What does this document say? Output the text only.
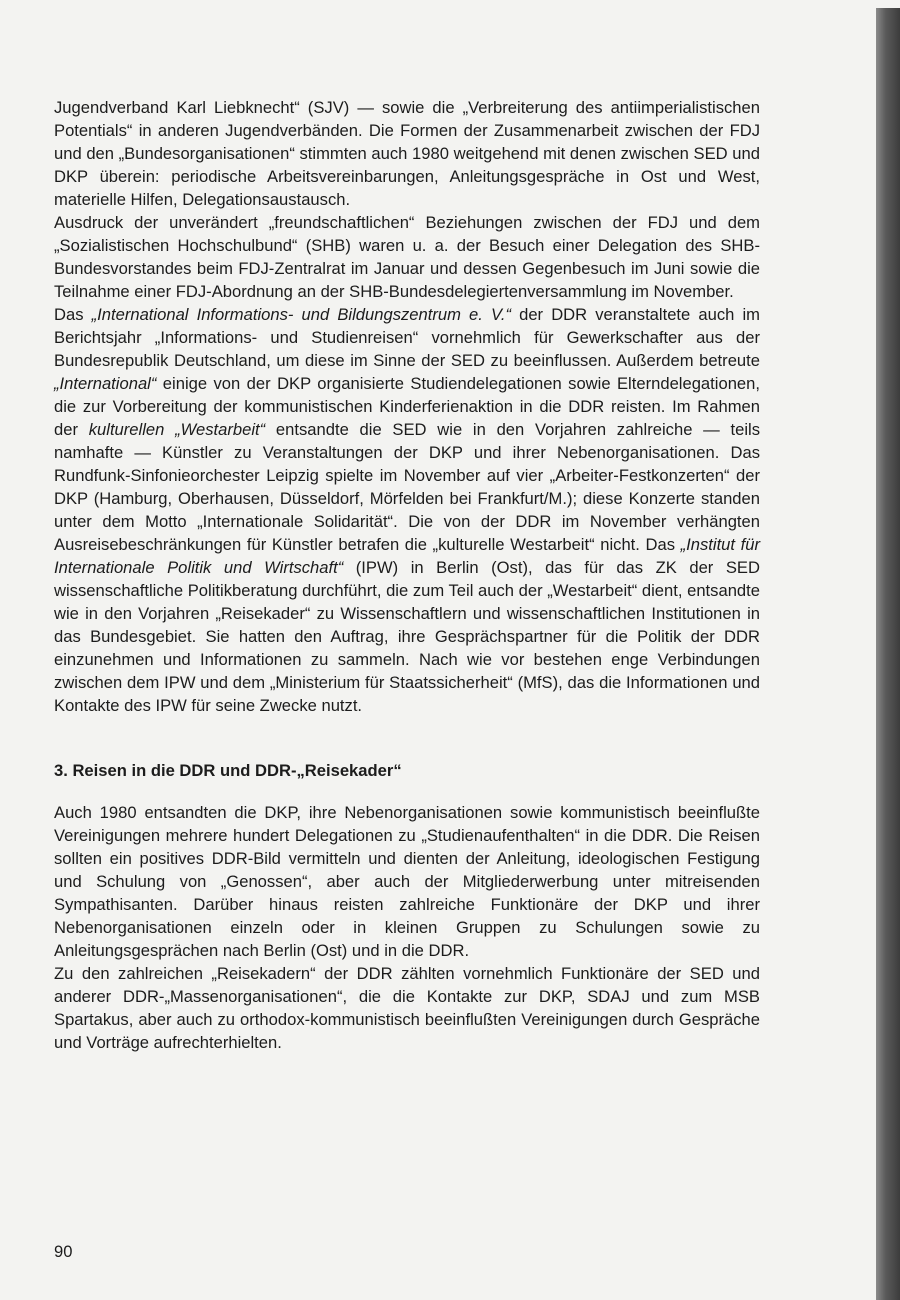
Jugendverband Karl Liebknecht“ (SJV) — sowie die „Verbreiterung des antiimperialistischen Potentials“ in anderen Jugendverbänden. Die Formen der Zusammenarbeit zwischen der FDJ und den „Bundesorganisationen“ stimmten auch 1980 weitgehend mit denen zwischen SED und DKP überein: periodische Arbeitsvereinbarungen, Anleitungsgespräche in Ost und West, materielle Hilfen, Delegationsaustausch.

Ausdruck der unverändert „freundschaftlichen“ Beziehungen zwischen der FDJ und dem „Sozialistischen Hochschulbund“ (SHB) waren u. a. der Besuch einer Delegation des SHB-Bundesvorstandes beim FDJ-Zentralrat im Januar und dessen Gegenbesuch im Juni sowie die Teilnahme einer FDJ-Abordnung an der SHB-Bundesdelegiertenversammlung im November.

Das „International Informations- und Bildungszentrum e. V.“ der DDR veranstaltete auch im Berichtsjahr „Informations- und Studienreisen“ vornehmlich für Gewerkschafter aus der Bundesrepublik Deutschland, um diese im Sinne der SED zu beeinflussen. Außerdem betreute „International“ einige von der DKP organisierte Studiendelegationen sowie Elterndelegationen, die zur Vorbereitung der kommunistischen Kinderferienaktion in die DDR reisten. Im Rahmen der kulturellen „Westarbeit“ entsandte die SED wie in den Vorjahren zahlreiche — teils namhafte — Künstler zu Veranstaltungen der DKP und ihrer Nebenorganisationen. Das Rundfunk-Sinfonieorchester Leipzig spielte im November auf vier „Arbeiter-Festkonzerten“ der DKP (Hamburg, Oberhausen, Düsseldorf, Mörfelden bei Frankfurt/M.); diese Konzerte standen unter dem Motto „Internationale Solidarität“. Die von der DDR im November verhängten Ausreisebeschränkungen für Künstler betrafen die „kulturelle Westarbeit“ nicht. Das „Institut für Internationale Politik und Wirtschaft“ (IPW) in Berlin (Ost), das für das ZK der SED wissenschaftliche Politikberatung durchführt, die zum Teil auch der „Westarbeit“ dient, entsandte wie in den Vorjahren „Reisekader“ zu Wissenschaftlern und wissenschaftlichen Institutionen in das Bundesgebiet. Sie hatten den Auftrag, ihre Gesprächspartner für die Politik der DDR einzunehmen und Informationen zu sammeln. Nach wie vor bestehen enge Verbindungen zwischen dem IPW und dem „Ministerium für Staatssicherheit“ (MfS), das die Informationen und Kontakte des IPW für seine Zwecke nutzt.

3. Reisen in die DDR und DDR-„Reisekader“

Auch 1980 entsandten die DKP, ihre Nebenorganisationen sowie kommunistisch beeinflußte Vereinigungen mehrere hundert Delegationen zu „Studienaufenthalten“ in die DDR. Die Reisen sollten ein positives DDR-Bild vermitteln und dienten der Anleitung, ideologischen Festigung und Schulung von „Genossen“, aber auch der Mitgliederwerbung unter mitreisenden Sympathisanten. Darüber hinaus reisten zahlreiche Funktionäre der DKP und ihrer Nebenorganisationen einzeln oder in kleinen Gruppen zu Schulungen sowie zu Anleitungsgesprächen nach Berlin (Ost) und in die DDR.

Zu den zahlreichen „Reisekadern“ der DDR zählten vornehmlich Funktionäre der SED und anderer DDR-„Massenorganisationen“, die die Kontakte zur DKP, SDAJ und zum MSB Spartakus, aber auch zu orthodox-kommunistisch beeinflußten Vereinigungen durch Gespräche und Vorträge aufrechterhielten.

90
